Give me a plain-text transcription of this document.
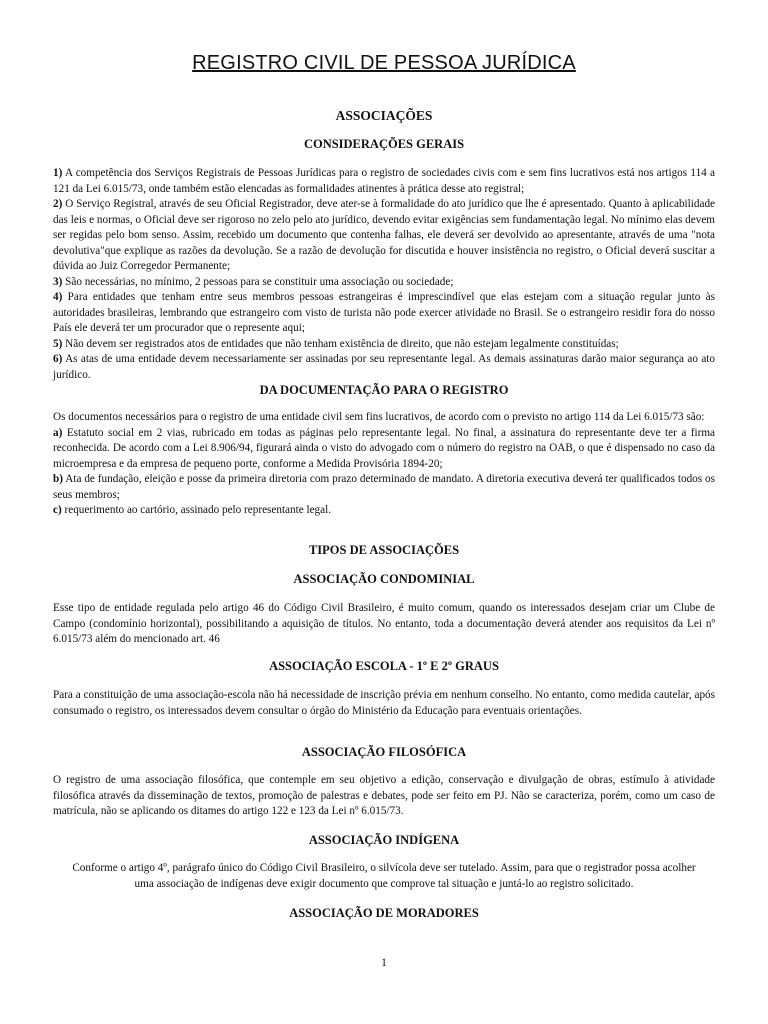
REGISTRO CIVIL DE PESSOA JURÍDICA
ASSOCIAÇÕES
CONSIDERAÇÕES GERAIS

1) A competência dos Serviços Registrais de Pessoas Jurídicas para o registro de sociedades civis com e sem fins lucrativos está nos artigos 114 a 121 da Lei 6.015/73, onde também estão elencadas as formalidades atinentes à prática desse ato registral;

2) O Serviço Registral, através de seu Oficial Registrador, deve ater-se à formalidade do ato jurídico que lhe é apresentado. Quanto à aplicabilidade das leis e normas, o Oficial deve ser rigoroso no zelo pelo ato jurídico, devendo evitar exigências sem fundamentação legal. No mínimo elas devem ser regidas pelo bom senso. Assim, recebido um documento que contenha falhas, ele deverá ser devolvido ao apresentante, através de uma "nota devolutiva"que explique as razões da devolução. Se a razão de devolução for discutida e houver insistência no registro, o Oficial deverá suscitar a dúvida ao Juiz Corregedor Permanente;

3) São necessárias, no mínimo, 2 pessoas para se constituir uma associação ou sociedade;

4) Para entidades que tenham entre seus membros pessoas estrangeiras é imprescindível que elas estejam com a situação regular junto às autoridades brasileiras, lembrando que estrangeiro com visto de turista não pode exercer atividade no Brasil. Se o estrangeiro residir fora do nosso País ele deverá ter um procurador que o represente aqui;

5) Não devem ser registrados atos de entidades que não tenham existência de direito, que não estejam legalmente constituídas;

6) As atas de uma entidade devem necessariamente ser assinadas por seu representante legal. As demais assinaturas darão maior segurança ao ato jurídico.

DA DOCUMENTAÇÃO PARA O REGISTRO

Os documentos necessários para o registro de uma entidade civil sem fins lucrativos, de acordo com o previsto no artigo 114 da Lei 6.015/73 são:

a) Estatuto social em 2 vias, rubricado em todas as páginas pelo representante legal. No final, a assinatura do representante deve ter a firma reconhecida. De acordo com a Lei 8.906/94, figurará ainda o visto do advogado com o número do registro na OAB, o que é dispensado no caso da microempresa e da empresa de pequeno porte, conforme a Medida Provisória 1894-20;

b) Ata de fundação, eleição e posse da primeira diretoria com prazo determinado de mandato. A diretoria executiva deverá ter qualificados todos os seus membros;

c) requerimento ao cartório, assinado pelo representante legal.

TIPOS DE ASSOCIAÇÕES
ASSOCIAÇÃO CONDOMINIAL

Esse tipo de entidade regulada pelo artigo 46 do Código Civil Brasileiro, é muito comum, quando os interessados desejam criar um Clube de Campo (condomínio horizontal), possibilitando a aquisição de títulos. No entanto, toda a documentação deverá atender aos requisitos da Lei nº 6.015/73 além do mencionado art. 46

ASSOCIAÇÃO ESCOLA - 1º E 2º GRAUS

Para a constituição de uma associação-escola não há necessidade de inscrição prévia em nenhum conselho. No entanto, como medida cautelar, após consumado o registro, os interessados devem consultar o órgão do Ministério da Educação para eventuais orientações.

ASSOCIAÇÃO FILOSÓFICA

O registro de uma associação filosófica, que contemple em seu objetivo a edição, conservação e divulgação de obras, estímulo à atividade filosófica através da disseminação de textos, promoção de palestras e debates, pode ser feito em PJ. Não se caracteriza, porém, como um caso de matrícula, não se aplicando os ditames do artigo 122 e 123 da Lei nº 6.015/73.

ASSOCIAÇÃO INDÍGENA

Conforme o artigo 4º, parágrafo único do Código Civil Brasileiro, o silvícola deve ser tutelado. Assim, para que o registrador possa acolher uma associação de indígenas deve exigir documento que comprove tal situação e juntá-lo ao registro solicitado.

ASSOCIAÇÃO DE MORADORES
1
